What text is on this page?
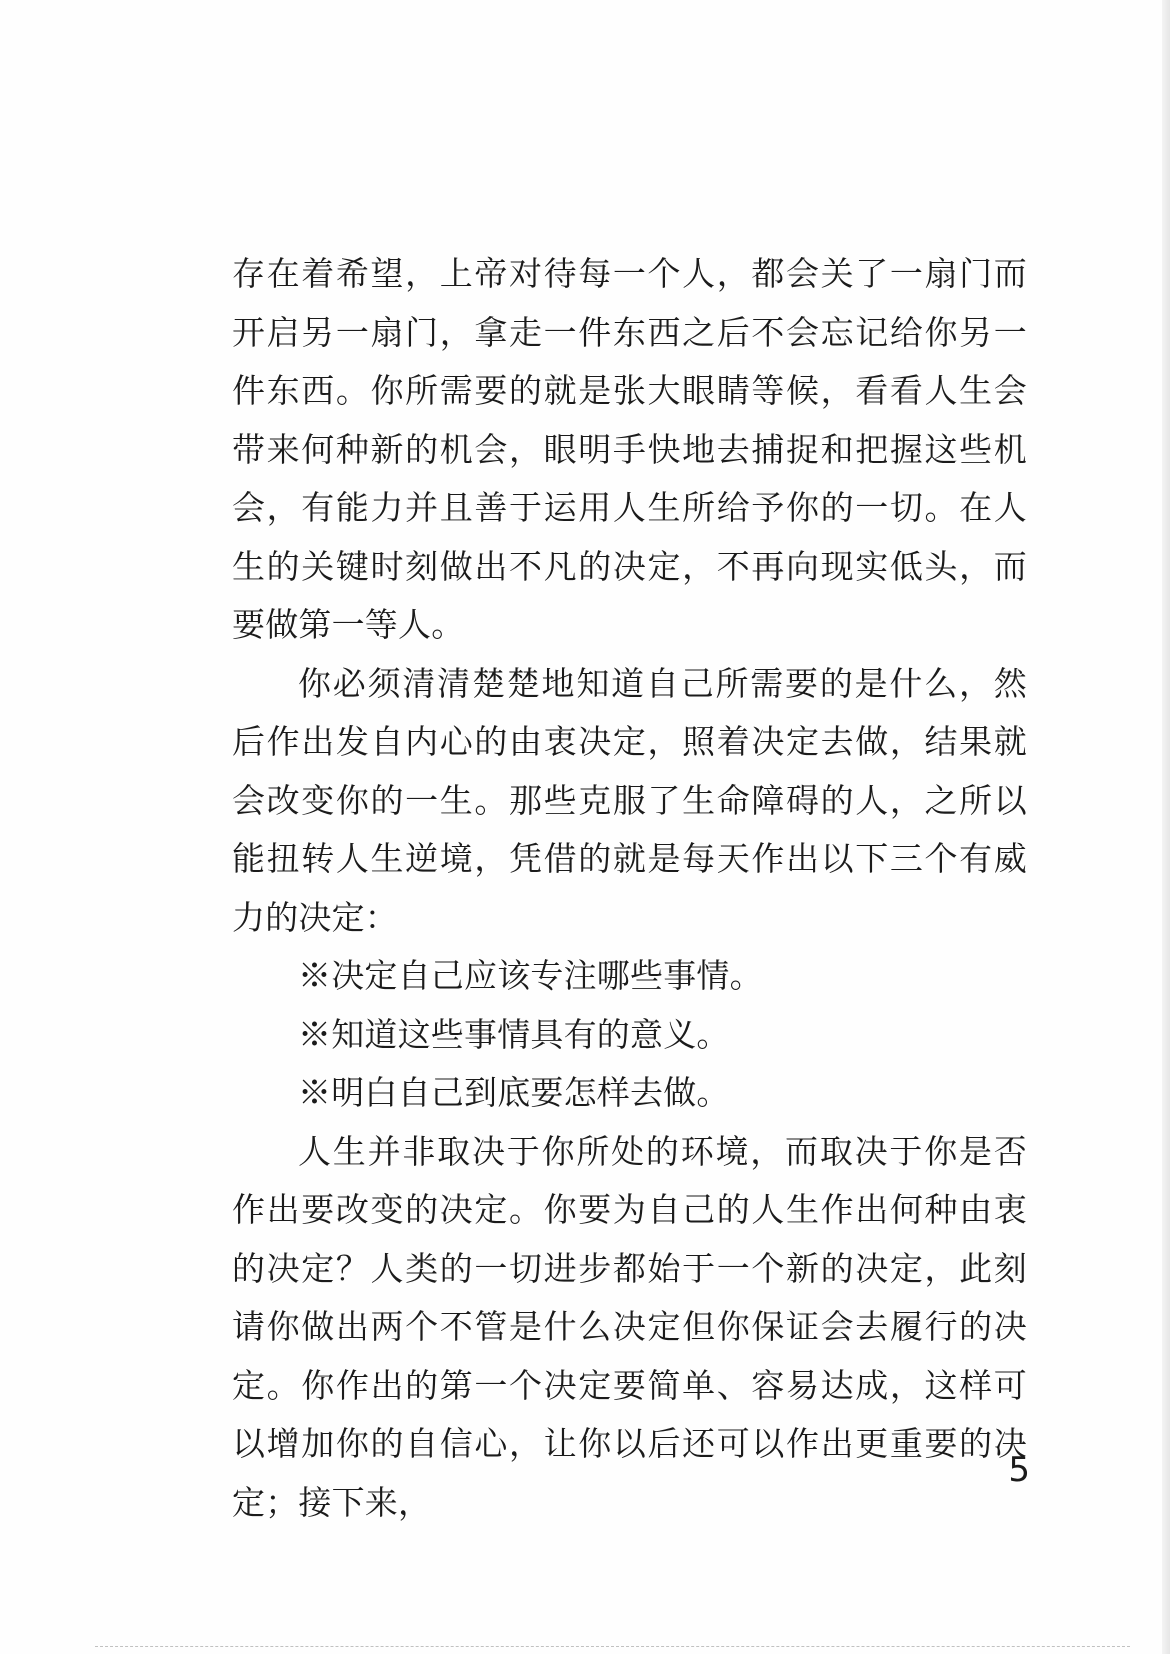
存在着希望，上帝对待每一个人，都会关了一扇门而开启另一扇门，拿走一件东西之后不会忘记给你另一件东西。你所需要的就是张大眼睛等候，看看人生会带来何种新的机会，眼明手快地去捕捉和把握这些机会，有能力并且善于运用人生所给予你的一切。在人生的关键时刻做出不凡的决定，不再向现实低头，而要做第一等人。

你必须清清楚楚地知道自己所需要的是什么，然后作出发自内心的由衷决定，照着决定去做，结果就会改变你的一生。那些克服了生命障碍的人，之所以能扭转人生逆境，凭借的就是每天作出以下三个有威力的决定：

※决定自己应该专注哪些事情。

※知道这些事情具有的意义。

※明白自己到底要怎样去做。

人生并非取决于你所处的环境，而取决于你是否作出要改变的决定。你要为自己的人生作出何种由衷的决定？人类的一切进步都始于一个新的决定，此刻请你做出两个不管是什么决定但你保证会去履行的决定。你作出的第一个决定要简单、容易达成，这样可以增加你的自信心，让你以后还可以作出更重要的决定；接下来，

5
